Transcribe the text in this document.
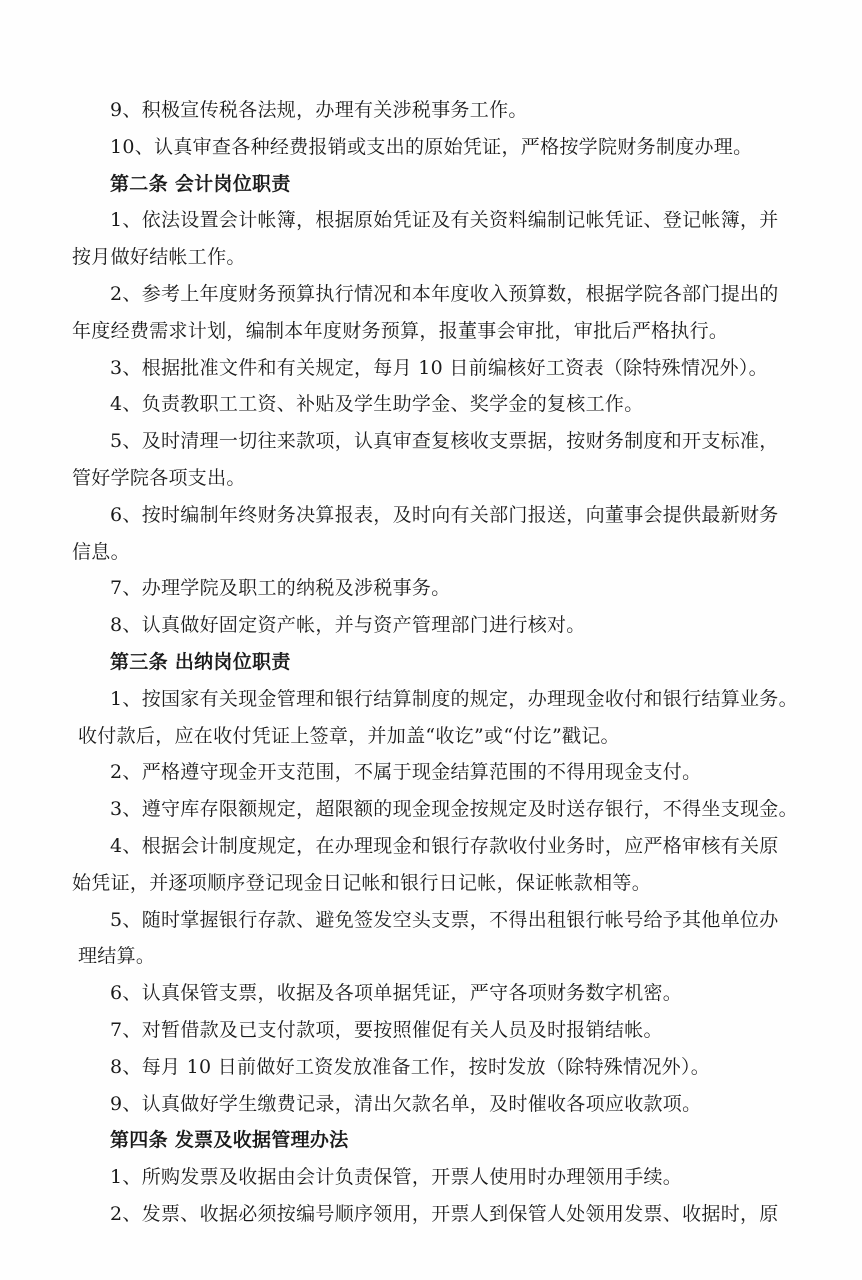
9、积极宣传税各法规，办理有关涉税事务工作。

10、认真审查各种经费报销或支出的原始凭证，严格按学院财务制度办理。

第二条 会计岗位职责

1、依法设置会计帐簿，根据原始凭证及有关资料编制记帐凭证、登记帐簿，并

按月做好结帐工作。

2、参考上年度财务预算执行情况和本年度收入预算数，根据学院各部门提出的

年度经费需求计划，编制本年度财务预算，报董事会审批，审批后严格执行。

3、根据批准文件和有关规定，每月 10 日前编核好工资表（除特殊情况外）。

4、负责教职工工资、补贴及学生助学金、奖学金的复核工作。

5、及时清理一切往来款项，认真审查复核收支票据，按财务制度和开支标准，

管好学院各项支出。

6、按时编制年终财务决算报表，及时向有关部门报送，向董事会提供最新财务

信息。

7、办理学院及职工的纳税及涉税事务。

8、认真做好固定资产帐，并与资产管理部门进行核对。

第三条 出纳岗位职责

1、按国家有关现金管理和银行结算制度的规定，办理现金收付和银行结算业务。

收付款后，应在收付凭证上签章，并加盖“收讫”或“付讫”戳记。

2、严格遵守现金开支范围，不属于现金结算范围的不得用现金支付。

3、遵守库存限额规定，超限额的现金现金按规定及时送存银行，不得坐支现金。

4、根据会计制度规定，在办理现金和银行存款收付业务时，应严格审核有关原

始凭证，并逐项顺序登记现金日记帐和银行日记帐，保证帐款相等。

5、随时掌握银行存款、避免签发空头支票，不得出租银行帐号给予其他单位办

理结算。

6、认真保管支票，收据及各项单据凭证，严守各项财务数字机密。

7、对暂借款及已支付款项，要按照催促有关人员及时报销结帐。

8、每月 10 日前做好工资发放准备工作，按时发放（除特殊情况外）。

9、认真做好学生缴费记录，清出欠款名单，及时催收各项应收款项。

第四条 发票及收据管理办法

1、所购发票及收据由会计负责保管，开票人使用时办理领用手续。

2、发票、收据必须按编号顺序领用，开票人到保管人处领用发票、收据时，原
